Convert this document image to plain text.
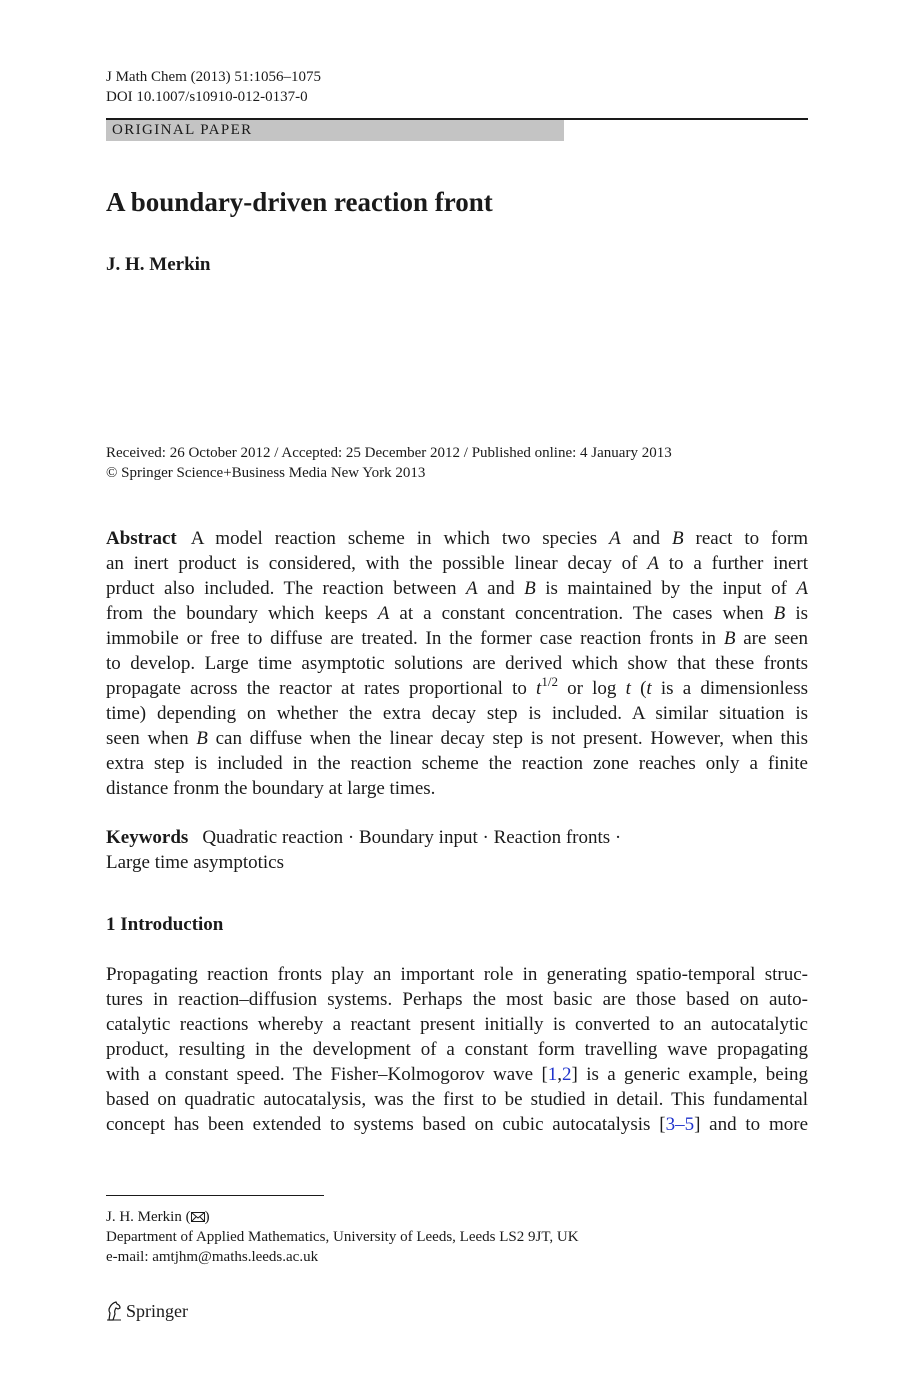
J Math Chem (2013) 51:1056–1075
DOI 10.1007/s10910-012-0137-0
ORIGINAL PAPER
A boundary-driven reaction front
J. H. Merkin
Received: 26 October 2012 / Accepted: 25 December 2012 / Published online: 4 January 2013
© Springer Science+Business Media New York 2013
Abstract A model reaction scheme in which two species A and B react to form
an inert product is considered, with the possible linear decay of A to a further inert
prduct also included. The reaction between A and B is maintained by the input of A
from the boundary which keeps A at a constant concentration. The cases when B is
immobile or free to diffuse are treated. In the former case reaction fronts in B are seen
to develop. Large time asymptotic solutions are derived which show that these fronts
propagate across the reactor at rates proportional to $t^{1/2}$ or log t (t is a dimensionless
time) depending on whether the extra decay step is included. A similar situation is
seen when B can diffuse when the linear decay step is not present. However, when this
extra step is included in the reaction scheme the reaction zone reaches only a finite
distance fronm the boundary at large times.
Keywords Quadratic reaction · Boundary input · Reaction fronts ·
Large time asymptotics
1 Introduction
Propagating reaction fronts play an important role in generating spatio-temporal struc-
tures in reaction–diffusion systems. Perhaps the most basic are those based on auto-
catalytic reactions whereby a reactant present initially is converted to an autocatalytic
product, resulting in the development of a constant form travelling wave propagating
with a constant speed. The Fisher–Kolmogorov wave [1,2] is a generic example, being
based on quadratic autocatalysis, was the first to be studied in detail. This fundamental
concept has been extended to systems based on cubic autocatalysis [3–5] and to more
J. H. Merkin ( )
Department of Applied Mathematics, University of Leeds, Leeds LS2 9JT, UK
e-mail: amtjhm@maths.leeds.ac.uk
Springer
